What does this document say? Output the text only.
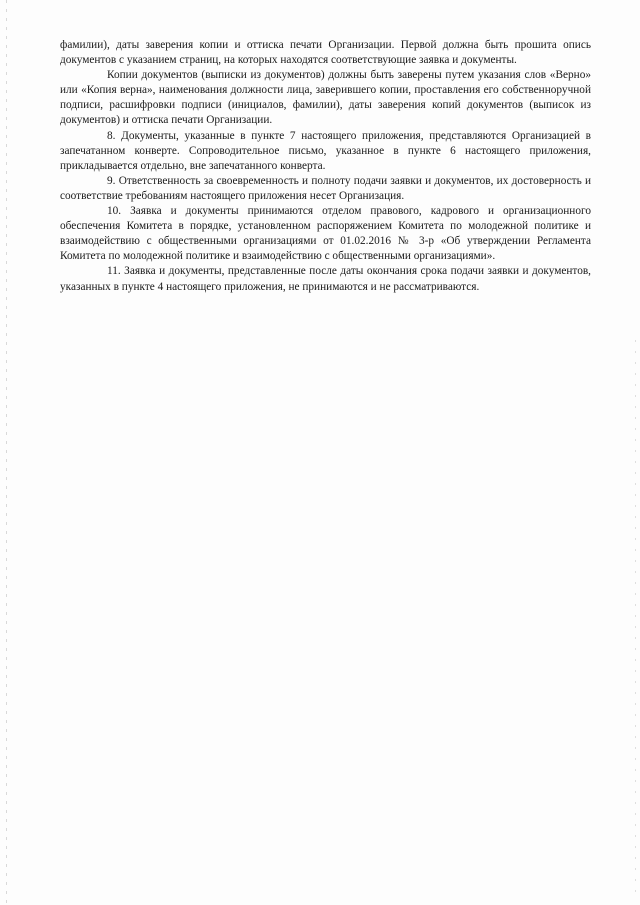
фамилии), даты заверения копии и оттиска печати Организации. Первой должна быть прошита опись документов с указанием страниц, на которых находятся соответствующие заявка и документы.

Копии документов (выписки из документов) должны быть заверены путем указания слов «Верно» или «Копия верна», наименования должности лица, заверившего копии, проставления его собственноручной подписи, расшифровки подписи (инициалов, фамилии), даты заверения копий документов (выписок из документов) и оттиска печати Организации.

8. Документы, указанные в пункте 7 настоящего приложения, представляются Организацией в запечатанном конверте. Сопроводительное письмо, указанное в пункте 6 настоящего приложения, прикладывается отдельно, вне запечатанного конверта.

9. Ответственность за своевременность и полноту подачи заявки и документов, их достоверность и соответствие требованиям настоящего приложения несет Организация.

10. Заявка и документы принимаются отделом правового, кадрового и организационного обеспечения Комитета в порядке, установленном распоряжением Комитета по молодежной политике и взаимодействию с общественными организациями от 01.02.2016 № 3-р «Об утверждении Регламента Комитета по молодежной политике и взаимодействию с общественными организациями».

11. Заявка и документы, представленные после даты окончания срока подачи заявки и документов, указанных в пункте 4 настоящего приложения, не принимаются и не рассматриваются.
